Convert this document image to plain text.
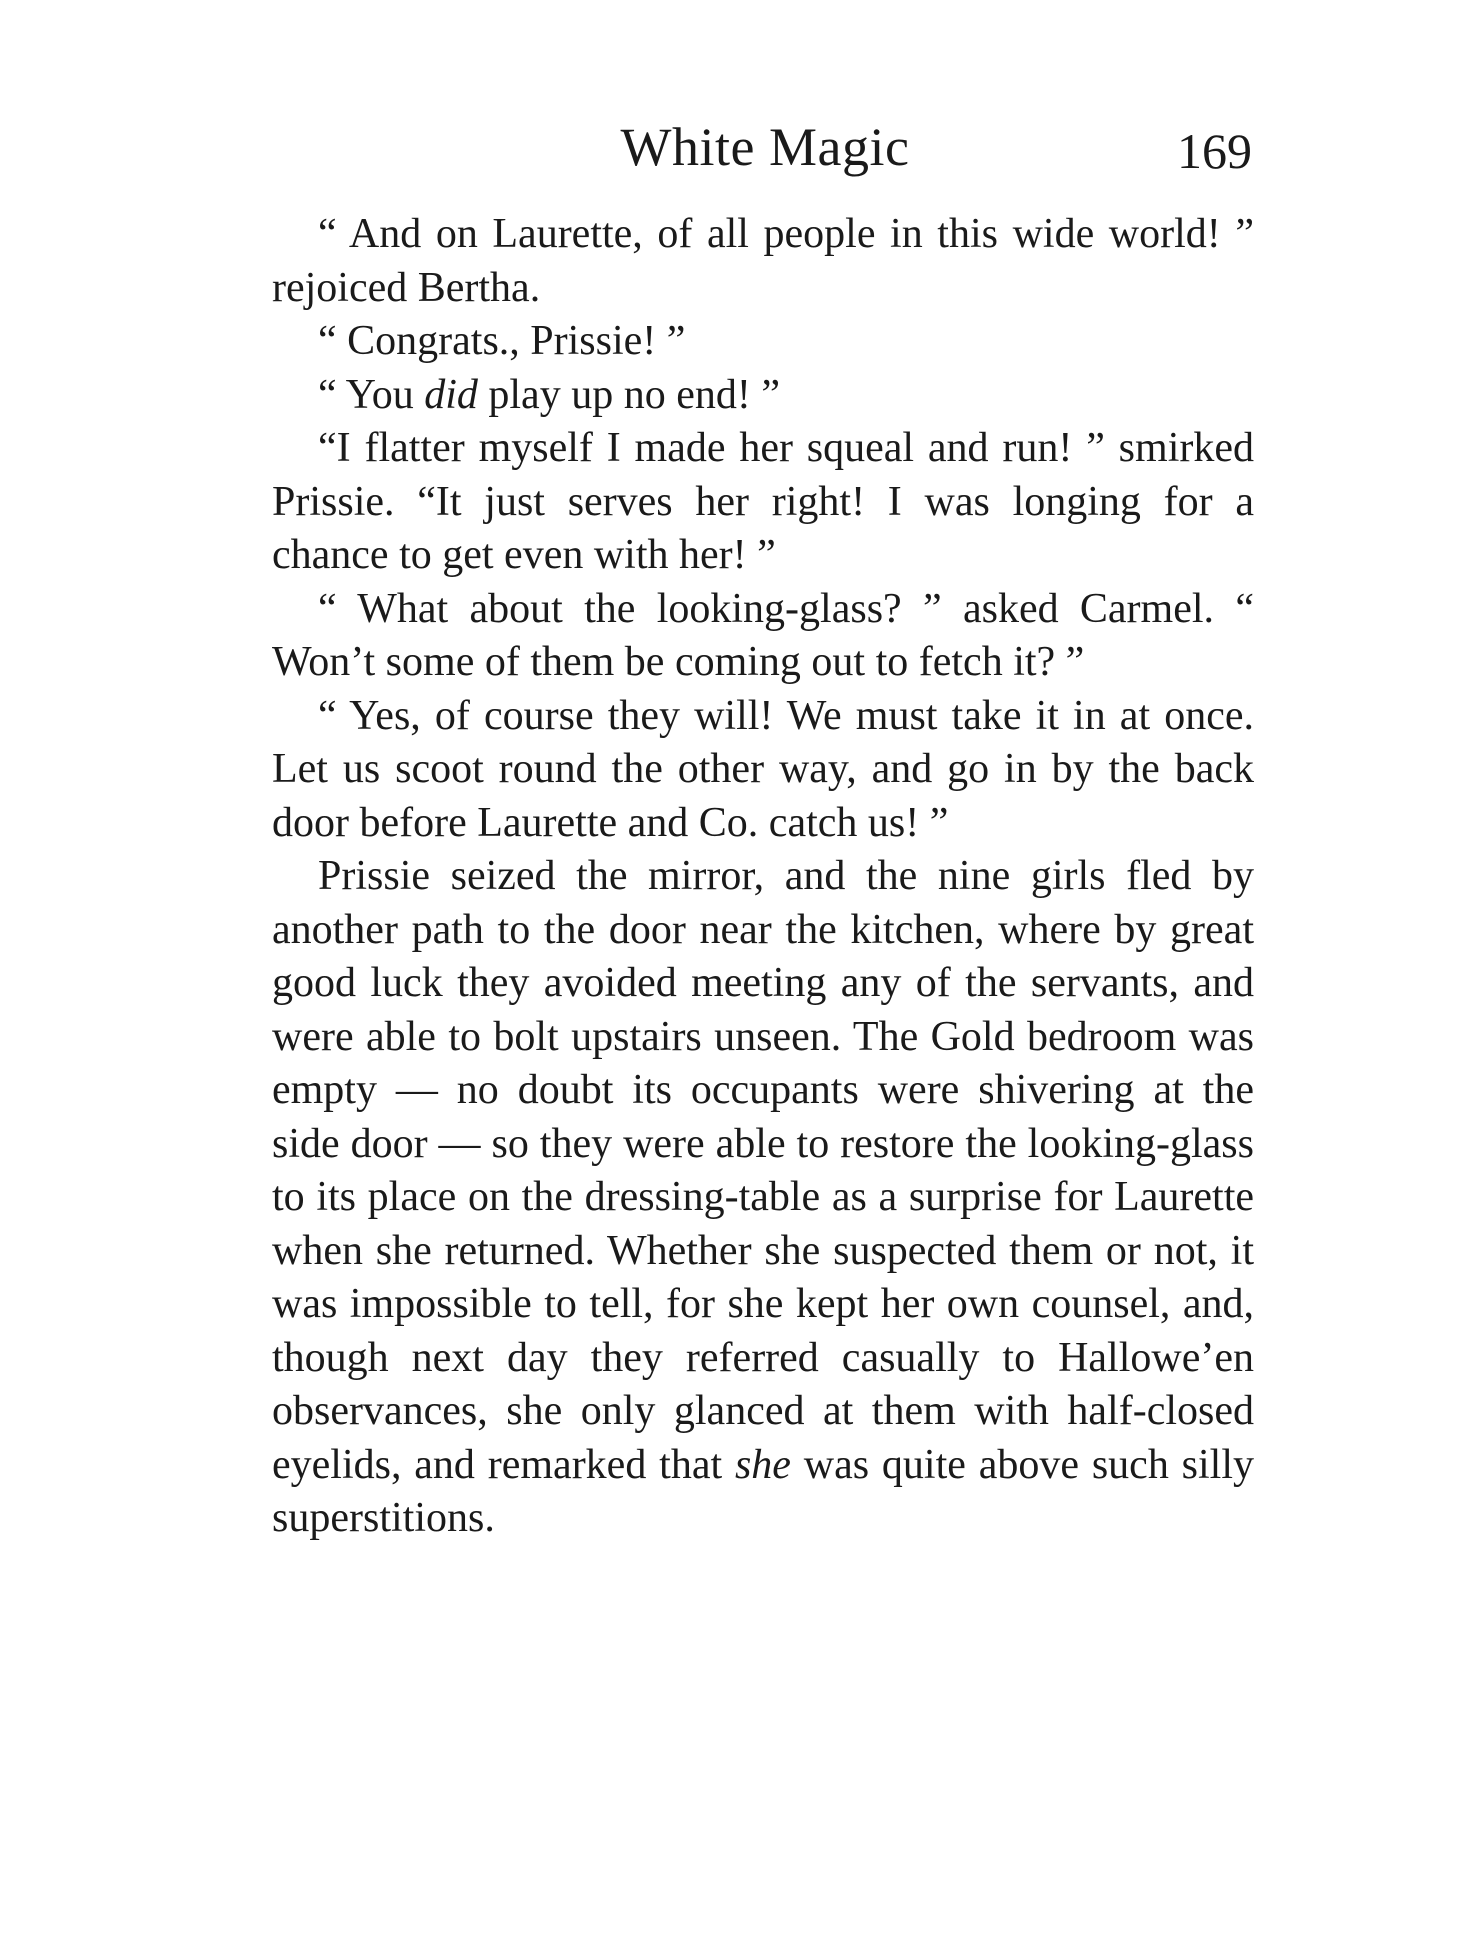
White Magic	169

“ And on Laurette, of all people in this wide world! ” rejoiced Bertha.

“ Congrats., Prissie! ”

“ You did play up no end! ”

“I flatter myself I made her squeal and run! ” smirked Prissie. “It just serves her right! I was longing for a chance to get even with her! ”

“ What about the looking-glass? ” asked Carmel. “ Won’t some of them be coming out to fetch it? ”

“ Yes, of course they will! We must take it in at once. Let us scoot round the other way, and go in by the back door before Laurette and Co. catch us! ”

Prissie seized the mirror, and the nine girls fled by another path to the door near the kitchen, where by great good luck they avoided meeting any of the servants, and were able to bolt upstairs unseen. The Gold bedroom was empty — no doubt its occupants were shivering at the side door — so they were able to restore the looking-glass to its place on the dressing-table as a surprise for Laurette when she returned. Whether she suspected them or not, it was impossible to tell, for she kept her own counsel, and, though next day they referred casually to Hallowe’en observances, she only glanced at them with half-closed eyelids, and remarked that she was quite above such silly superstitions.
